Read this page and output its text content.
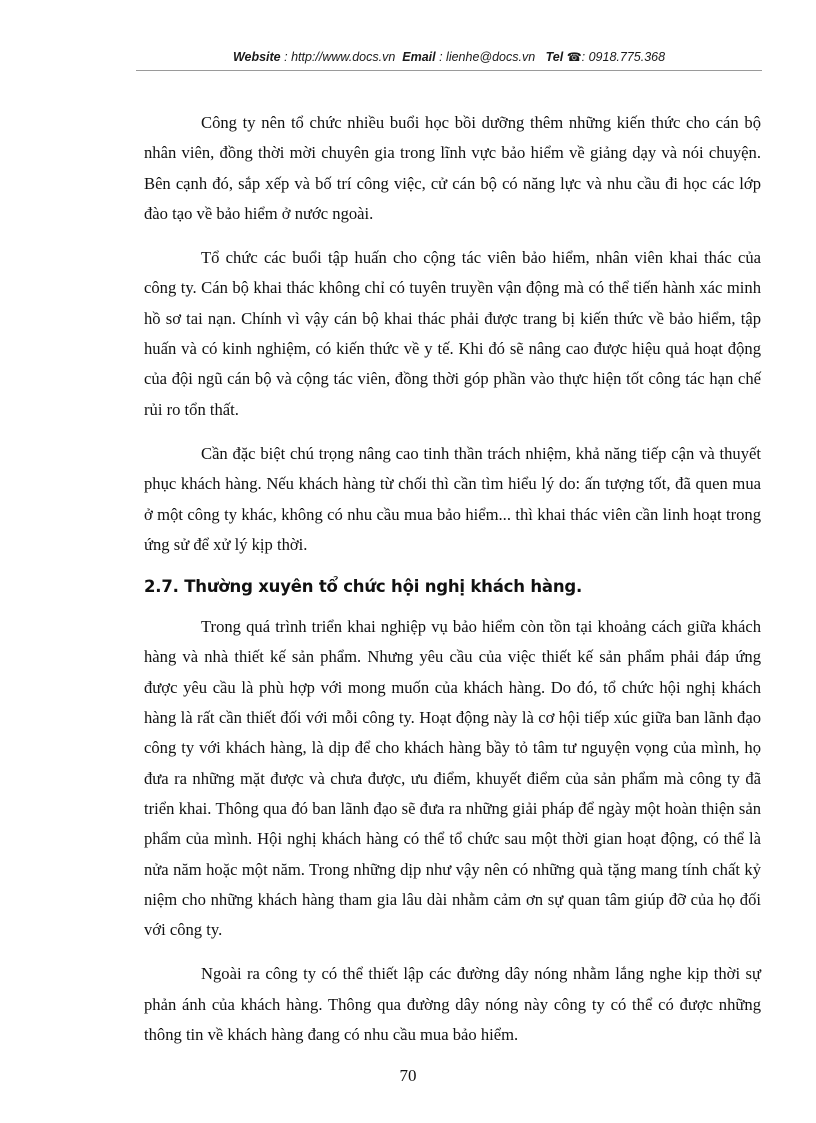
Website : http://www.docs.vn Email : lienhe@docs.vn Tel ☎: 0918.775.368

Công ty nên tổ chức nhiều buổi học bồi dưỡng thêm những kiến thức cho cán bộ nhân viên, đồng thời mời chuyên gia trong lĩnh vực bảo hiểm về giảng dạy và nói chuyện. Bên cạnh đó, sắp xếp và bố trí công việc, cử cán bộ có năng lực và nhu cầu đi học các lớp đào tạo về bảo hiểm ở nước ngoài.

Tổ chức các buổi tập huấn cho cộng tác viên bảo hiểm, nhân viên khai thác của công ty. Cán bộ khai thác không chỉ có tuyên truyền vận động mà có thể tiến hành xác minh hồ sơ tai nạn. Chính vì vậy cán bộ khai thác phải được trang bị kiến thức về bảo hiểm, tập huấn và có kinh nghiệm, có kiến thức về y tế. Khi đó sẽ nâng cao được hiệu quả hoạt động của đội ngũ cán bộ và cộng tác viên, đồng thời góp phần vào thực hiện tốt công tác hạn chế rủi ro tổn thất.

Cần đặc biệt chú trọng nâng cao tinh thần trách nhiệm, khả năng tiếp cận và thuyết phục khách hàng. Nếu khách hàng từ chối thì cần tìm hiểu lý do: ấn tượng tốt, đã quen mua ở một công ty khác, không có nhu cầu mua bảo hiểm... thì khai thác viên cần linh hoạt trong ứng sử để xử lý kịp thời.

2.7. Thường xuyên tổ chức hội nghị khách hàng.

Trong quá trình triển khai nghiệp vụ bảo hiểm còn tồn tại khoảng cách giữa khách hàng và nhà thiết kế sản phẩm. Nhưng yêu cầu của việc thiết kế sản phẩm phải đáp ứng được yêu cầu là phù hợp với mong muốn của khách hàng. Do đó, tổ chức hội nghị khách hàng là rất cần thiết đối với mỗi công ty. Hoạt động này là cơ hội tiếp xúc giữa ban lãnh đạo công ty với khách hàng, là dịp để cho khách hàng bầy tỏ tâm tư nguyện vọng của mình, họ đưa ra những mặt được và chưa được, ưu điểm, khuyết điểm của sản phẩm mà công ty đã triển khai. Thông qua đó ban lãnh đạo sẽ đưa ra những giải pháp để ngày một hoàn thiện sản phẩm của mình. Hội nghị khách hàng có thể tổ chức sau một thời gian hoạt động, có thể là nửa năm hoặc một năm. Trong những dịp như vậy nên có những quà tặng mang tính chất kỷ niệm cho những khách hàng tham gia lâu dài nhằm cảm ơn sự quan tâm giúp đỡ của họ đối với công ty.

Ngoài ra công ty có thể thiết lập các đường dây nóng nhằm lắng nghe kịp thời sự phản ánh của khách hàng. Thông qua đường dây nóng này công ty có thể có được những thông tin về khách hàng đang có nhu cầu mua bảo hiểm.

70
